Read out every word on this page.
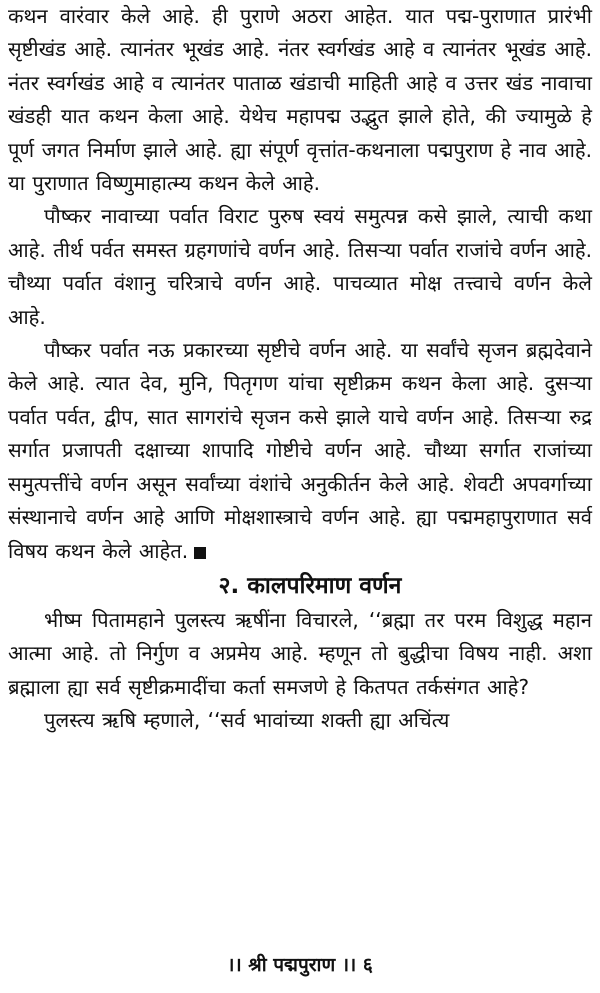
कथन वारंवार केले आहे. ही पुराणे अठरा आहेत. यात पद्म-पुराणात प्रारंभी सृष्टीखंड आहे. त्यानंतर भूखंड आहे. नंतर स्वर्गखंड आहे व त्यानंतर भूखंड आहे. नंतर स्वर्गखंड आहे व त्यानंतर पाताळ खंडाची माहिती आहे व उत्तर खंड नावाचा खंडही यात कथन केला आहे. येथेच महापद्म उद्भुत झाले होते, की ज्यामुळे हे पूर्ण जगत निर्माण झाले आहे. ह्या संपूर्ण वृत्तांत-कथनाला पद्मपुराण हे नाव आहे. या पुराणात विष्णुमाहात्म्य कथन केले आहे.

पौष्कर नावाच्या पर्वात विराट पुरुष स्वयं समुत्पन्न कसे झाले, त्याची कथा आहे. तीर्थ पर्वत समस्त ग्रहगणांचे वर्णन आहे. तिसऱ्या पर्वात राजांचे वर्णन आहे. चौथ्या पर्वात वंशानु चरित्राचे वर्णन आहे. पाचव्यात मोक्ष तत्त्वाचे वर्णन केले आहे.

पौष्कर पर्वात नऊ प्रकारच्या सृष्टीचे वर्णन आहे. या सर्वांचे सृजन ब्रह्मदेवाने केले आहे. त्यात देव, मुनि, पितृगण यांचा सृष्टीक्रम कथन केला आहे. दुसऱ्या पर्वात पर्वत, द्वीप, सात सागरांचे सृजन कसे झाले याचे वर्णन आहे. तिसऱ्या रुद्र सर्गात प्रजापती दक्षाच्या शापादि गोष्टीचे वर्णन आहे. चौथ्या सर्गात राजांच्या समुत्पत्तींचे वर्णन असून सर्वांच्या वंशांचे अनुकीर्तन केले आहे. शेवटी अपवर्गाच्या संस्थानाचे वर्णन आहे आणि मोक्षशास्त्राचे वर्णन आहे. ह्या पद्ममहापुराणात सर्व विषय कथन केले आहेत.

२. कालपरिमाण वर्णन

भीष्म पितामहाने पुलस्त्य ऋषींना विचारले, ‘‘ब्रह्मा तर परम विशुद्ध महान आत्मा आहे. तो निर्गुण व अप्रमेय आहे. म्हणून तो बुद्धीचा विषय नाही. अशा ब्रह्माला ह्या सर्व सृष्टीक्रमादींचा कर्ता समजणे हे कितपत तर्कसंगत आहे?

पुलस्त्य ऋषि म्हणाले, ‘‘सर्व भावांच्या शक्ती ह्या अचिंत्य

।। श्री पद्मपुराण ।। ६
